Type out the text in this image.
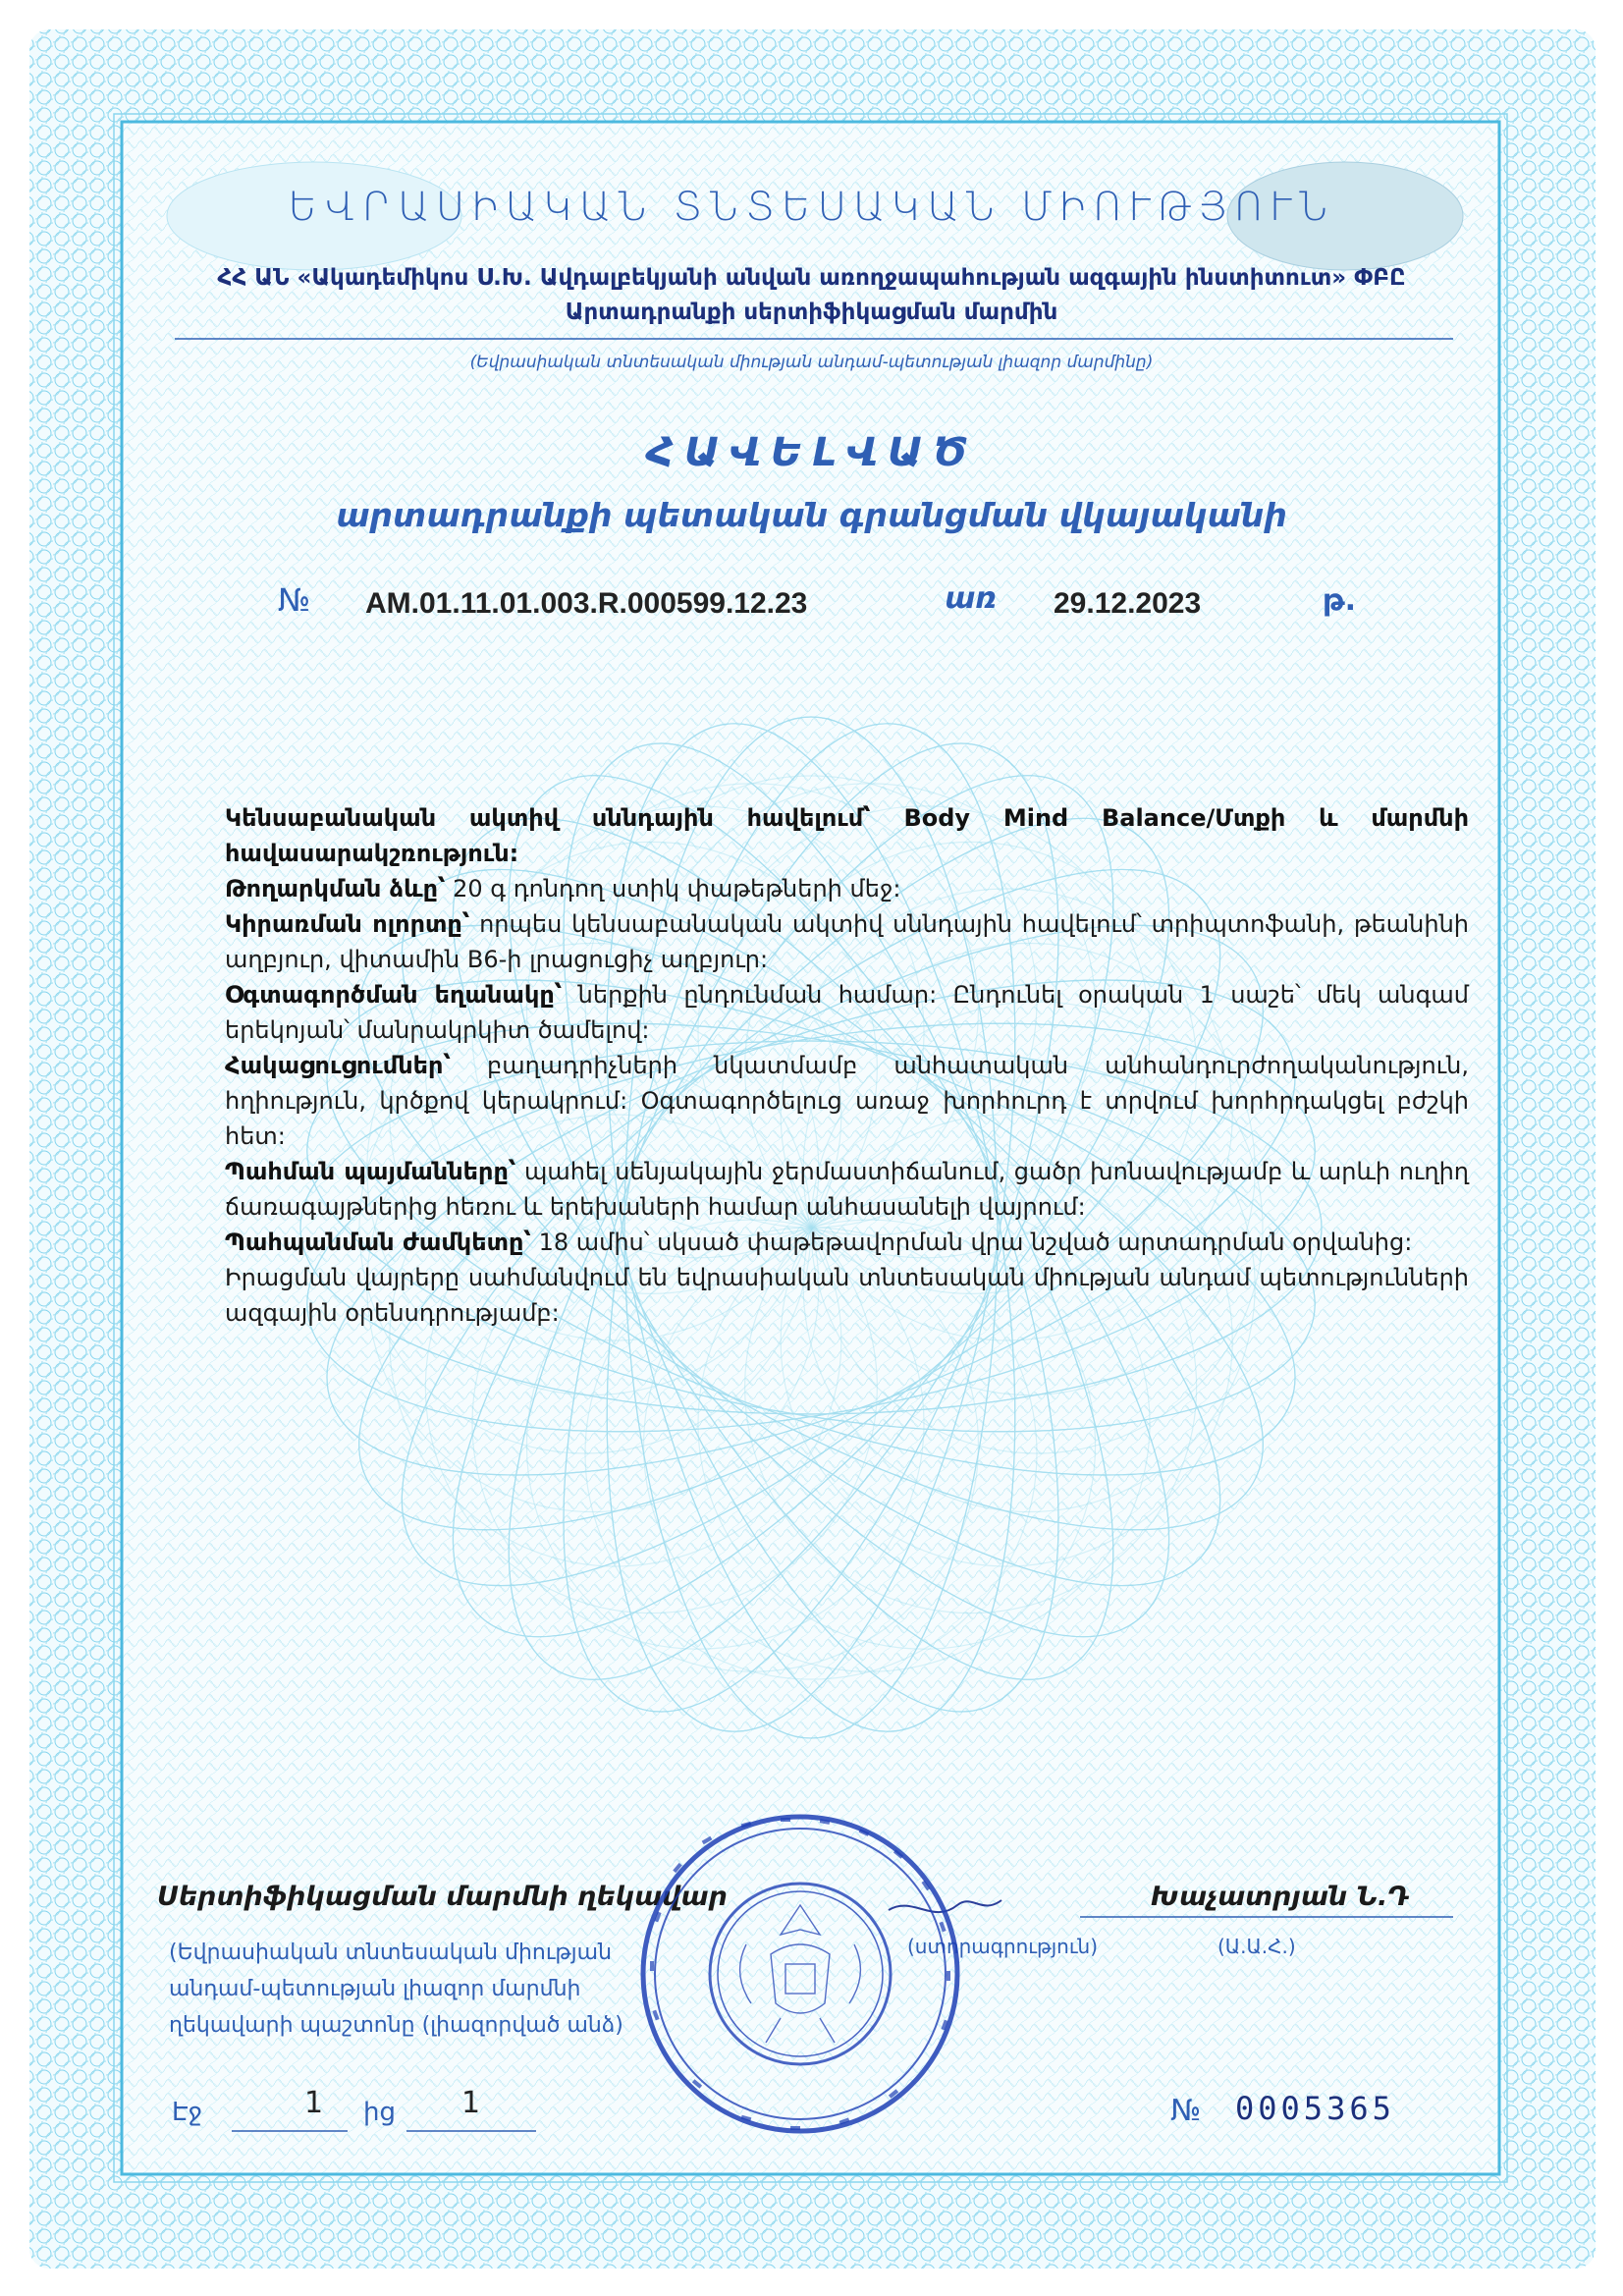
ԵՎՐԱՍԻԱԿԱՆ ՏՆՏԵՍԱԿԱՆ ՄԻՈՒԹՅՈՒՆ
ՀՀ ԱՆ «Ակադեմիկոս Ս.Խ. Ավդալբեկյանի անվան առողջապահության ազգային ինստիտուտ» ՓԲԸ
Արտադրանքի սերտիֆիկացման մարմին
(Եվրասիական տնտեսական միության անդամ-պետության լիազոր մարմինը)
ՀԱՎԵԼՎԱԾ
արտադրանքի պետական գրանցման վկայականի
№ AM.01.11.01.003.R.000599.12.23	առ 29.12.2023	թ.

Կենսաբանական ակտիվ սննդային հավելում՝ Body Mind Balance/Մտքի և մարմնի հավասարակշռություն:

Թողարկման ձևը՝ 20 գ դոնդող ստիկ փաթեթների մեջ:

Կիրառման ոլորտը՝ որպես կենսաբանական ակտիվ սննդային հավելում՝ տրիպտոֆանի, թեանինի աղբյուր, վիտամին B6-ի լրացուցիչ աղբյուր:

Օգտագործման եղանակը՝ ներքին ընդունման համար: Ընդունել օրական 1 սաշե՝ մեկ անգամ երեկոյան՝ մանրակրկիտ ծամելով:

Հակացուցումներ՝ բաղադրիչների նկատմամբ անհատական անհանդուրժողականություն, հղիություն, կրծքով կերակրում: Օգտագործելուց առաջ խորհուրդ է տրվում խորհրդակցել բժշկի հետ:

Պահման պայմանները՝ պահել սենյակային ջերմաստիճանում, ցածր խոնավությամբ և արևի ուղիղ ճառագայթներից հեռու և երեխաների համար անհասանելի վայրում:

Պահպանման ժամկետը՝ 18 ամիս՝ սկսած փաթեթավորման վրա նշված արտադրման օրվանից:

Իրացման վայրերը սահմանվում են եվրասիական տնտեսական միության անդամ պետությունների ազգային օրենսդրությամբ:

Սերտիֆիկացման մարմնի ղեկավար	Խաչատրյան Ն.Դ
(Եվրասիական տնտեսական միության
անդամ-պետության լիազոր մարմնի
ղեկավարի պաշտոնը (լիազորված անձ)
(ստորագրություն)	(Ա.Ա.Հ.)
Էջ	1 ից 1	№ 0005365
